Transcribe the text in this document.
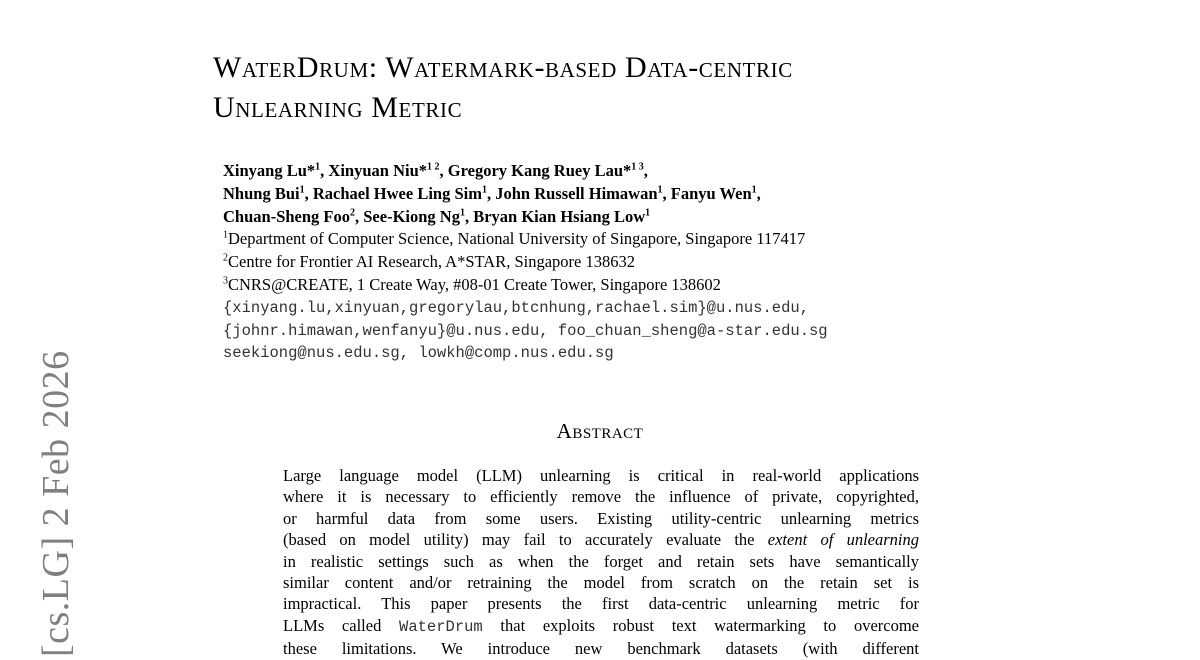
[cs.LG] 2 Feb 2026
WaterDrum: Watermark-based Data-centric
Unlearning Metric
Xinyang Lu*$^1$, Xinyuan Niu*$^{1 2}$, Gregory Kang Ruey Lau*$^{1 3}$,
Nhung Bui$^1$, Rachael Hwee Ling Sim$^1$, John Russell Himawan$^1$, Fanyu Wen$^1$,
Chuan-Sheng Foo$^2$, See-Kiong Ng$^1$, Bryan Kian Hsiang Low$^1$
$^1$Department of Computer Science, National University of Singapore, Singapore 117417
$^2$Centre for Frontier AI Research, A*STAR, Singapore 138632
$^3$CNRS@CREATE, 1 Create Way, #08-01 Create Tower, Singapore 138602
{xinyang.lu,xinyuan,gregorylau,btcnhung,rachael.sim}@u.nus.edu,
{johnr.himawan,wenfanyu}@u.nus.edu, foo_chuan_sheng@a-star.edu.sg
seekiong@nus.edu.sg, lowkh@comp.nus.edu.sg
Abstract
Large language model (LLM) unlearning is critical in real-world applications
where it is necessary to efficiently remove the influence of private, copyrighted,
or harmful data from some users. Existing utility-centric unlearning metrics
(based on model utility) may fail to accurately evaluate the extent of unlearning
in realistic settings such as when the forget and retain sets have semantically
similar content and/or retraining the model from scratch on the retain set is
impractical. This paper presents the first data-centric unlearning metric for
LLMs called WaterDrum that exploits robust text watermarking to overcome
these limitations. We introduce new benchmark datasets (with different
